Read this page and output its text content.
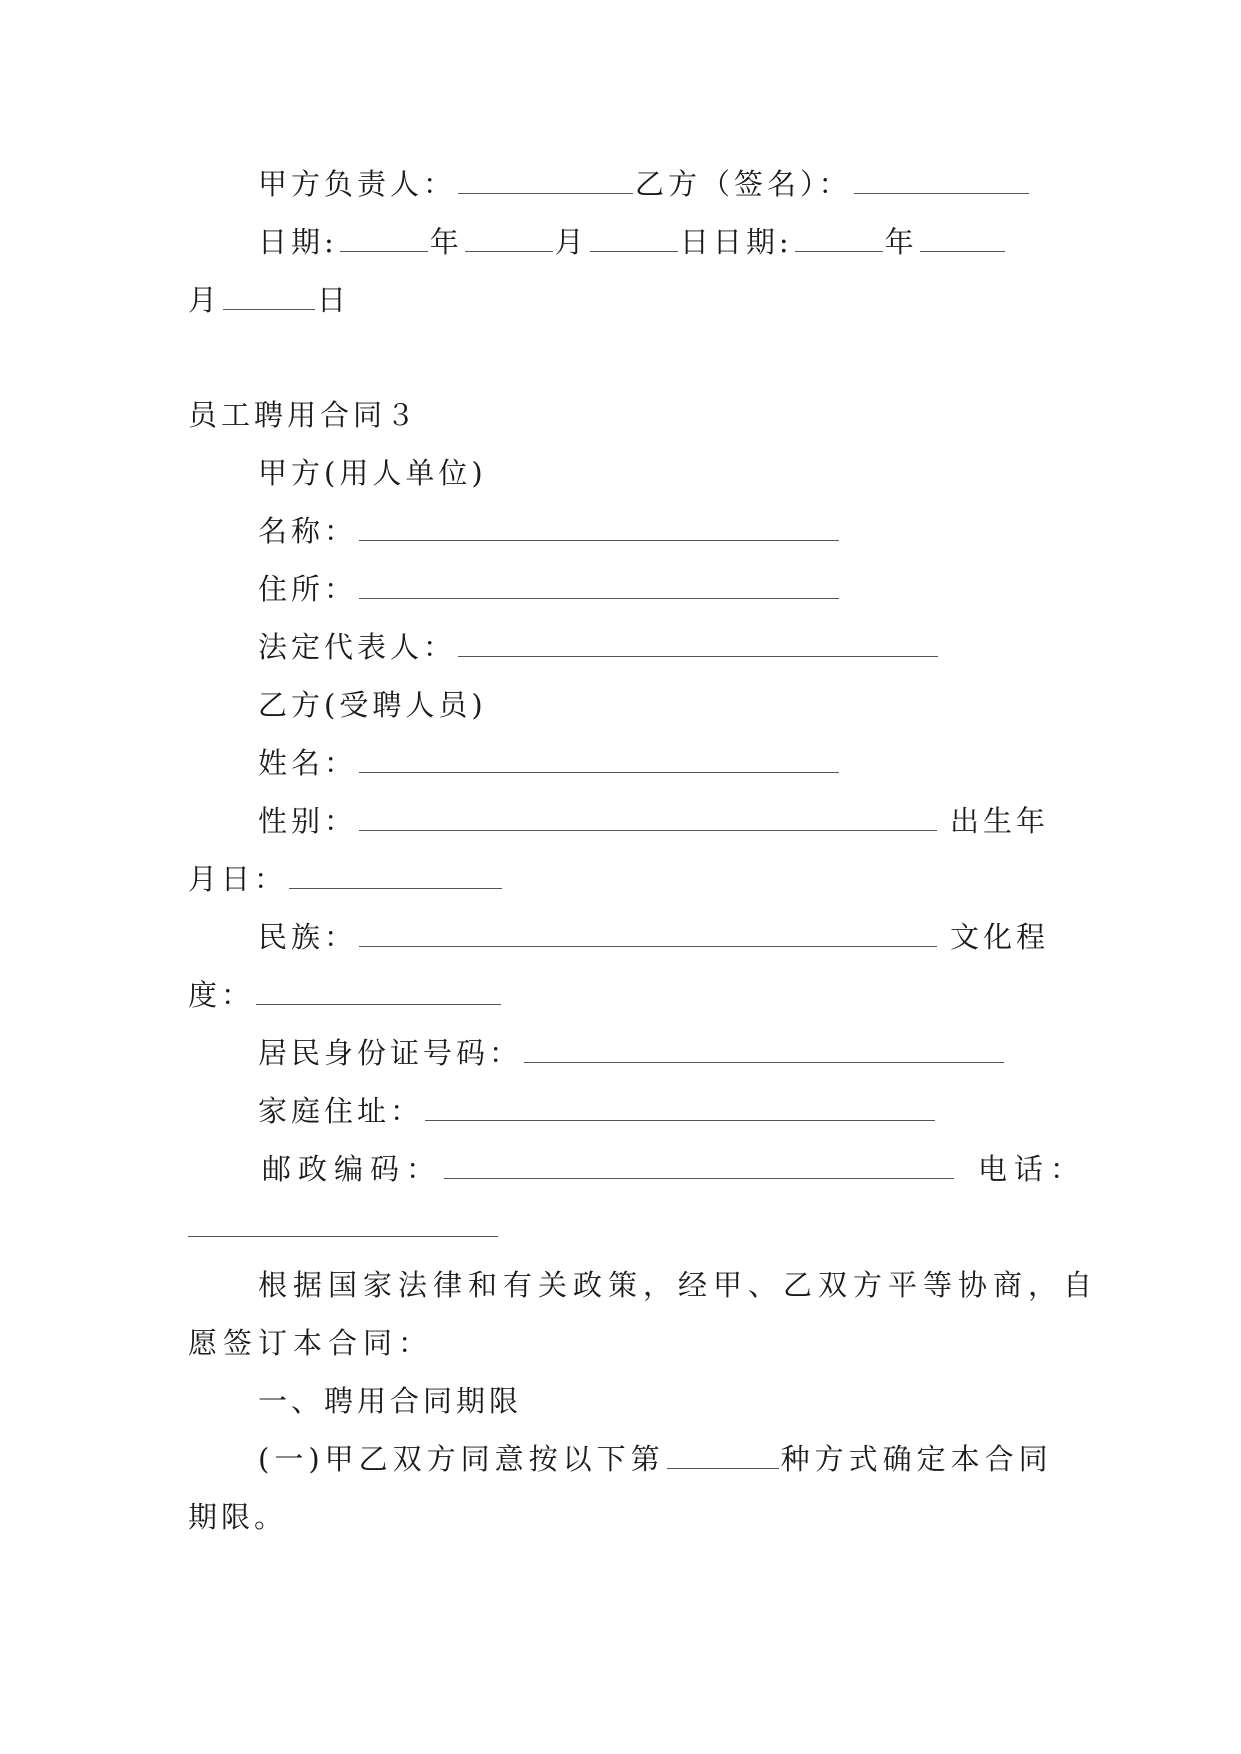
甲方负责人：	乙方（签名）：
日期:	年	月	日日期:	年
月	日
员工聘用合同３
甲方(用人单位)
名称：
住所：
法定代表人：
乙方(受聘人员)
姓名：
性别：	出生年
月日：
民族：	文化程
度：
居民身份证号码：
家庭住址：
邮政编码：	电话：
根据国家法律和有关政策，经甲、乙双方平等协商，自
愿签订本合同：
一、聘用合同期限
(一)甲乙双方同意按以下第	种方式确定本合同
期限。
